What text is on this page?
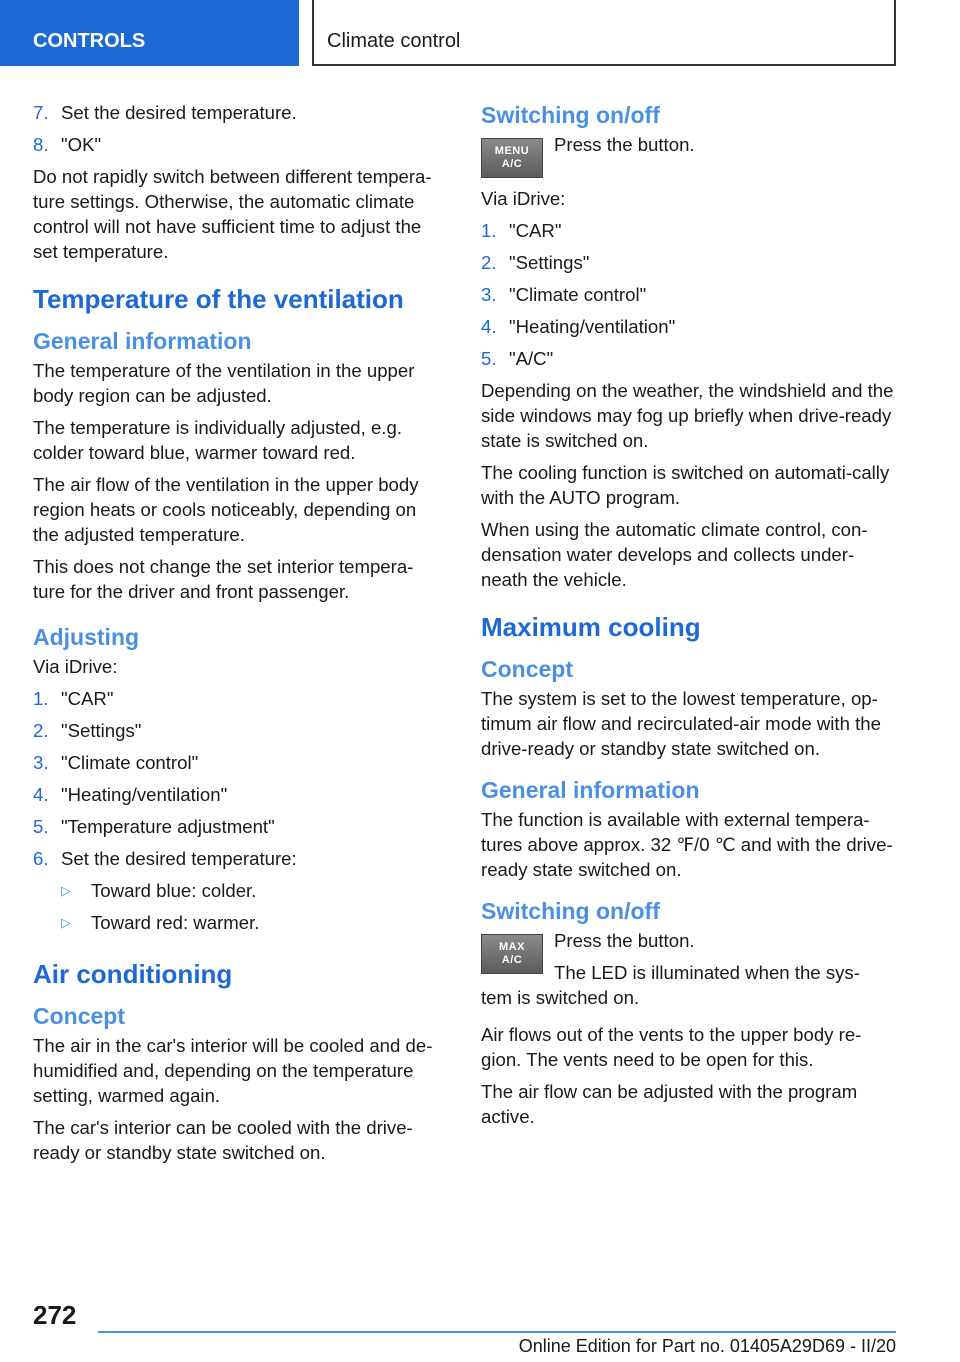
CONTROLS	Climate control
7. Set the desired temperature.
8. "OK"

Do not rapidly switch between different tempera-ture settings. Otherwise, the automatic climate control will not have sufficient time to adjust the set temperature.

Temperature of the ventilation
General information

The temperature of the ventilation in the upper body region can be adjusted.

The temperature is individually adjusted, e.g. colder toward blue, warmer toward red.

The air flow of the ventilation in the upper body region heats or cools noticeably, depending on the adjusted temperature.

This does not change the set interior tempera-ture for the driver and front passenger.

Adjusting

Via iDrive:

1. "CAR"
2. "Settings"
3. "Climate control"
4. "Heating/ventilation"
5. "Temperature adjustment"
6. Set the desired temperature:
▷ Toward blue: colder.
▷ Toward red: warmer.
Air conditioning
Concept

The air in the car's interior will be cooled and de-humidified and, depending on the temperature setting, warmed again.

The car's interior can be cooled with the drive-ready or standby state switched on.

Switching on/off
MENU
A/C

Press the button.

Via iDrive:

1. "CAR"
2. "Settings"
3. "Climate control"
4. "Heating/ventilation"
5. "A/C"

Depending on the weather, the windshield and the side windows may fog up briefly when drive-ready state is switched on.

The cooling function is switched on automati-cally with the AUTO program.

When using the automatic climate control, con-densation water develops and collects under-neath the vehicle.

Maximum cooling
Concept

The system is set to the lowest temperature, op-timum air flow and recirculated-air mode with the drive-ready or standby state switched on.

General information

The function is available with external tempera-tures above approx. 32 ℉/0 ℃ and with the drive-ready state switched on.

Switching on/off
MAX
A/C

Press the button.

The LED is illuminated when the sys-

tem is switched on.

Air flows out of the vents to the upper body re-gion. The vents need to be open for this.

The air flow can be adjusted with the program active.

272
Online Edition for Part no. 01405A29D69 - II/20
